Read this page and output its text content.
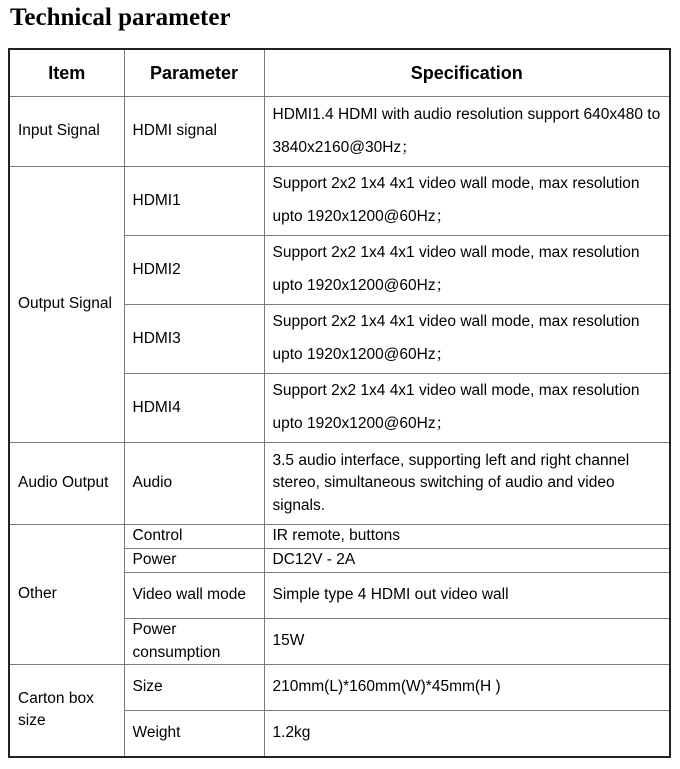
Technical parameter
Item	Parameter	Specification
Input Signal	HDMI signal	HDMI1.4 HDMI with audio resolution support 640x480 to 3840x2160@30Hz；
Output Signal	HDMI1	Support 2x2 1x4 4x1 video wall mode, max resolution upto 1920x1200@60Hz；
	HDMI2	Support 2x2 1x4 4x1 video wall mode, max resolution upto 1920x1200@60Hz；
	HDMI3	Support 2x2 1x4 4x1 video wall mode, max resolution upto 1920x1200@60Hz；
	HDMI4	Support 2x2 1x4 4x1 video wall mode, max resolution upto 1920x1200@60Hz；
Audio Output	Audio	3.5 audio interface, supporting left and right channel stereo, simultaneous switching of audio and video signals.
Other	Control	IR remote, buttons
	Power	DC12V - 2A
	Video wall mode	Simple type 4 HDMI out video wall
	Power consumption	15W
Carton box size	Size	210mm(L)*160mm(W)*45mm(H )
	Weight	1.2kg
